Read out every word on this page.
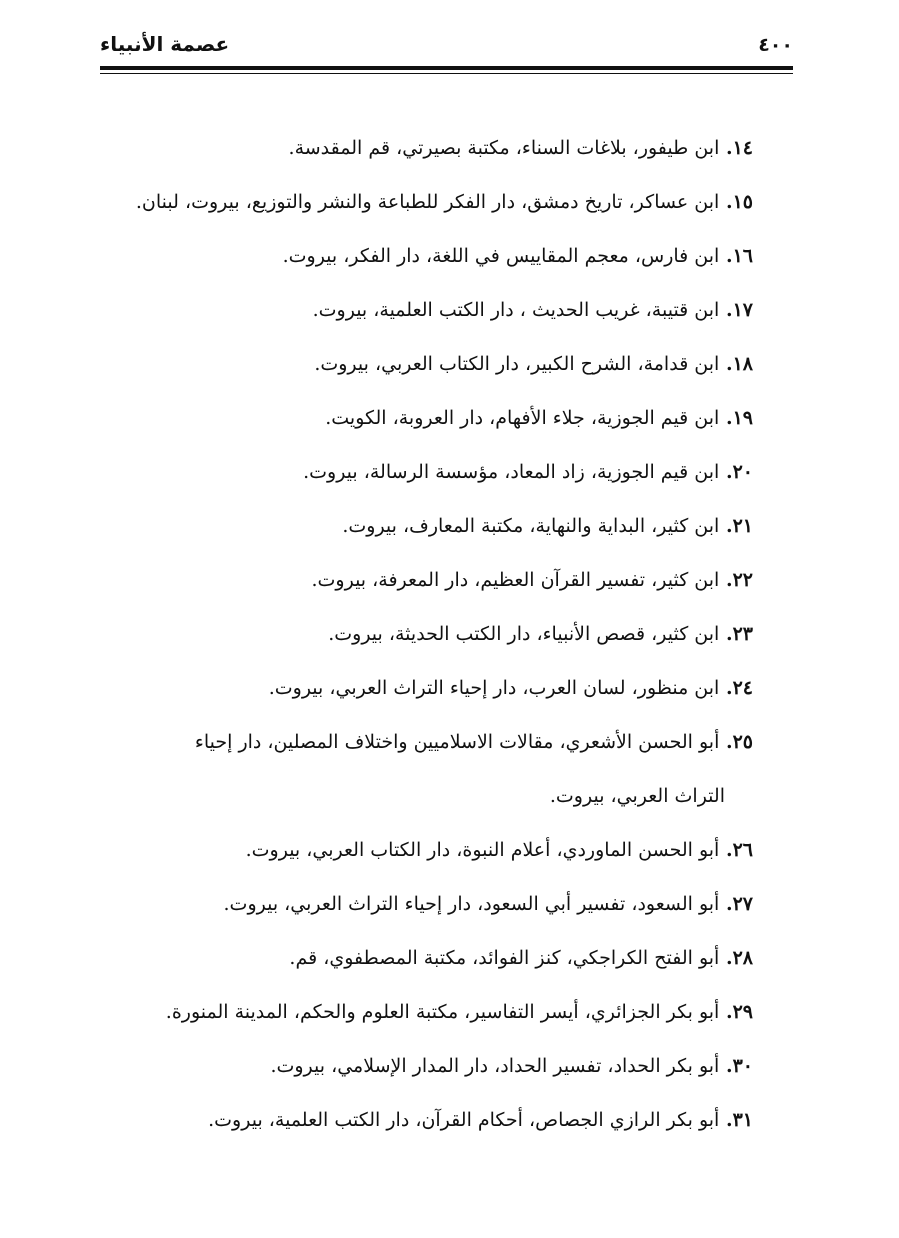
٤٠٠
عصمة الأنبياء
١٤. ابن طيفور، بلاغات السناء، مكتبة بصيرتي، قم المقدسة.
١٥. ابن عساكر، تاريخ دمشق، دار الفكر للطباعة والنشر والتوزيع، بيروت، لبنان.
١٦. ابن فارس، معجم المقاييس في اللغة، دار الفكر، بيروت.
١٧. ابن قتيبة، غريب الحديث ، دار الكتب العلمية، بيروت.
١٨. ابن قدامة، الشرح الكبير، دار الكتاب العربي، بيروت.
١٩. ابن قيم الجوزية، جلاء الأفهام، دار العروبة، الكويت.
٢٠. ابن قيم الجوزية، زاد المعاد، مؤسسة الرسالة، بيروت.
٢١. ابن كثير، البداية والنهاية، مكتبة المعارف، بيروت.
٢٢. ابن كثير، تفسير القرآن العظيم، دار المعرفة، بيروت.
٢٣. ابن كثير، قصص الأنبياء، دار الكتب الحديثة، بيروت.
٢٤. ابن منظور، لسان العرب، دار إحياء التراث العربي، بيروت.
٢٥. أبو الحسن الأشعري، مقالات الاسلاميين واختلاف المصلين، دار إحياء
التراث العربي، بيروت.
٢٦. أبو الحسن الماوردي، أعلام النبوة، دار الكتاب العربي، بيروت.
٢٧. أبو السعود، تفسير أبي السعود، دار إحياء التراث العربي، بيروت.
٢٨. أبو الفتح الكراجكي، كنز الفوائد، مكتبة المصطفوي، قم.
٢٩. أبو بكر الجزائري، أيسر التفاسير، مكتبة العلوم والحكم، المدينة المنورة.
٣٠. أبو بكر الحداد، تفسير الحداد، دار المدار الإسلامي، بيروت.
٣١. أبو بكر الرازي الجصاص، أحكام القرآن، دار الكتب العلمية، بيروت.
